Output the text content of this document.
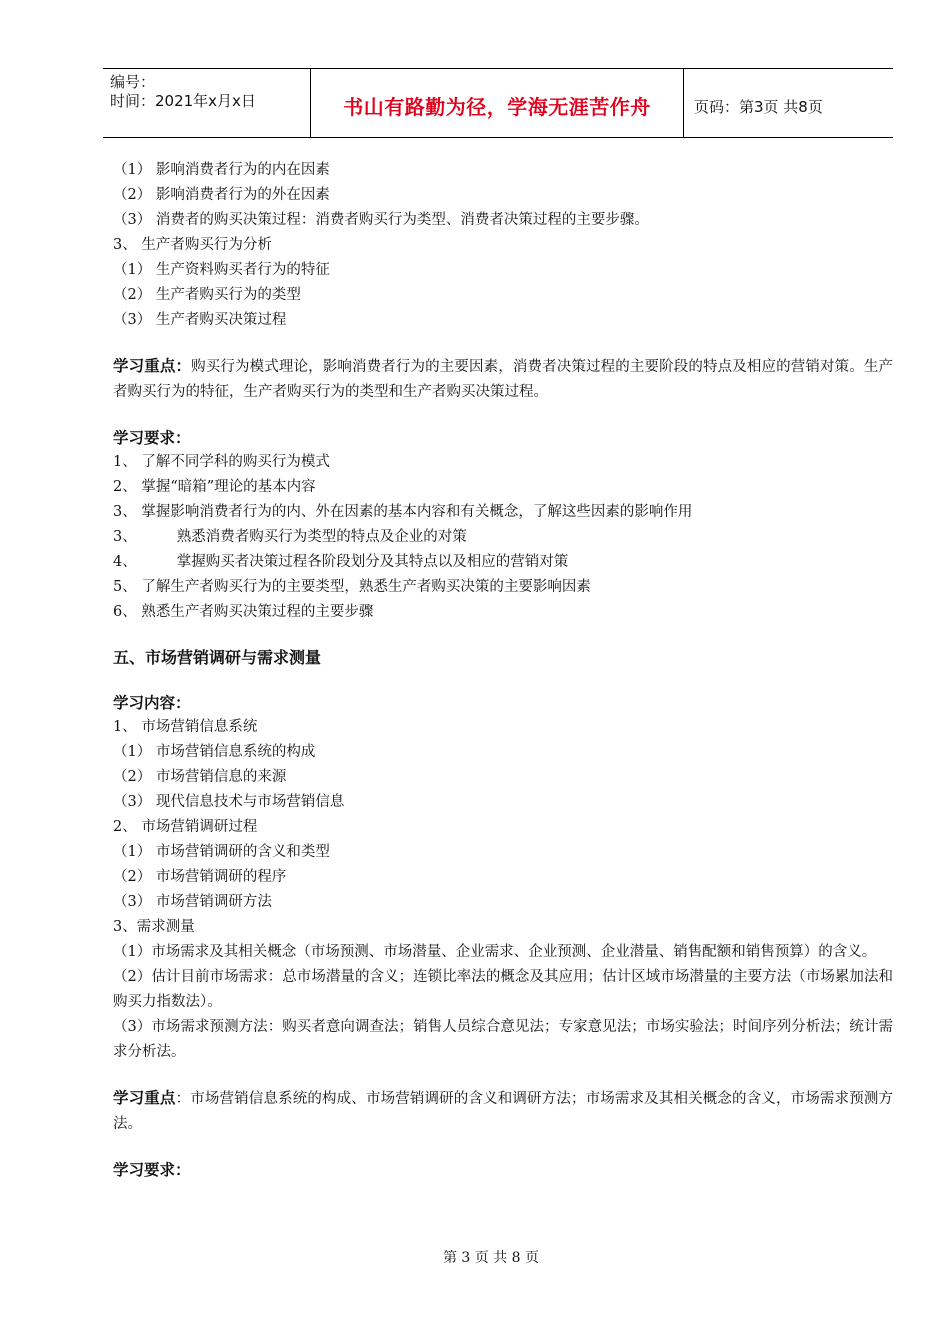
编号：
时间：2021年x月x日	书山有路勤为径，学海无涯苦作舟	页码：第3页 共8页
（1） 影响消费者行为的内在因素
（2） 影响消费者行为的外在因素
（3） 消费者的购买决策过程：消费者购买行为类型、消费者决策过程的主要步骤。
3、 生产者购买行为分析
（1） 生产资料购买者行为的特征
（2） 生产者购买行为的类型
（3） 生产者购买决策过程
学习重点：购买行为模式理论，影响消费者行为的主要因素，消费者决策过程的主要阶段的特点及相应的营销对策。生产者购买行为的特征，生产者购买行为的类型和生产者购买决策过程。
学习要求：
1、 了解不同学科的购买行为模式
2、 掌握“暗箱”理论的基本内容
3、 掌握影响消费者行为的内、外在因素的基本内容和有关概念，了解这些因素的影响作用
3、	熟悉消费者购买行为类型的特点及企业的对策
4、	掌握购买者决策过程各阶段划分及其特点以及相应的营销对策
5、 了解生产者购买行为的主要类型，熟悉生产者购买决策的主要影响因素
6、 熟悉生产者购买决策过程的主要步骤
五、市场营销调研与需求测量
学习内容：
1、 市场营销信息系统
（1） 市场营销信息系统的构成
（2） 市场营销信息的来源
（3） 现代信息技术与市场营销信息
2、 市场营销调研过程
（1） 市场营销调研的含义和类型
（2） 市场营销调研的程序
（3） 市场营销调研方法
3、需求测量
（1）市场需求及其相关概念（市场预测、市场潜量、企业需求、企业预测、企业潜量、销售配额和销售预算）的含义。
（2）估计目前市场需求：总市场潜量的含义；连锁比率法的概念及其应用；估计区域市场潜量的主要方法（市场累加法和购买力指数法）。
（3）市场需求预测方法：购买者意向调查法；销售人员综合意见法；专家意见法；市场实验法；时间序列分析法；统计需求分析法。
学习重点：市场营销信息系统的构成、市场营销调研的含义和调研方法；市场需求及其相关概念的含义，市场需求预测方法。
学习要求：
第 3 页 共 8 页
